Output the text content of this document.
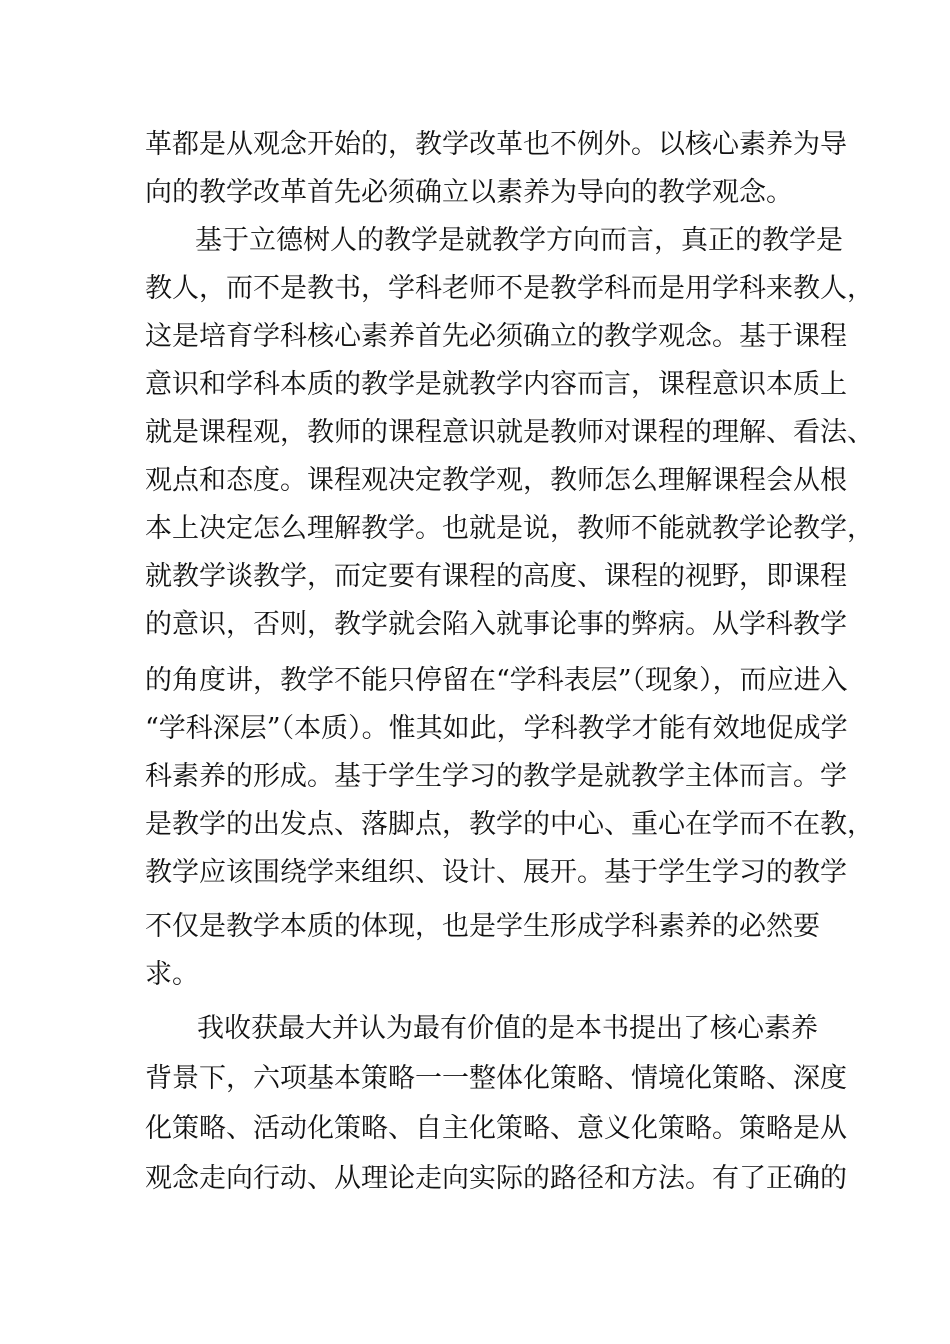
革都是从观念开始的，教学改革也不例外。以核心素养为导
向的教学改革首先必须确立以素养为导向的教学观念。
基于立德树人的教学是就教学方向而言，真正的教学是
教人，而不是教书，学科老师不是教学科而是用学科来教人，
这是培育学科核心素养首先必须确立的教学观念。基于课程
意识和学科本质的教学是就教学内容而言，课程意识本质上
就是课程观，教师的课程意识就是教师对课程的理解、看法、
观点和态度。课程观决定教学观，教师怎么理解课程会从根
本上决定怎么理解教学。也就是说，教师不能就教学论教学，
就教学谈教学，而定要有课程的高度、课程的视野，即课程
的意识，否则，教学就会陷入就事论事的弊病。从学科教学
的角度讲，教学不能只停留在“学科表层”（现象），而应进入
“学科深层”（本质）。惟其如此，学科教学才能有效地促成学
科素养的形成。基于学生学习的教学是就教学主体而言。学
是教学的出发点、落脚点，教学的中心、重心在学而不在教，
教学应该围绕学来组织、设计、展开。基于学生学习的教学
不仅是教学本质的体现，也是学生形成学科素养的必然要
求。
我收获最大并认为最有价值的是本书提出了核心素养
背景下，六项基本策略一一整体化策略、情境化策略、深度
化策略、活动化策略、自主化策略、意义化策略。策略是从
观念走向行动、从理论走向实际的路径和方法。有了正确的
